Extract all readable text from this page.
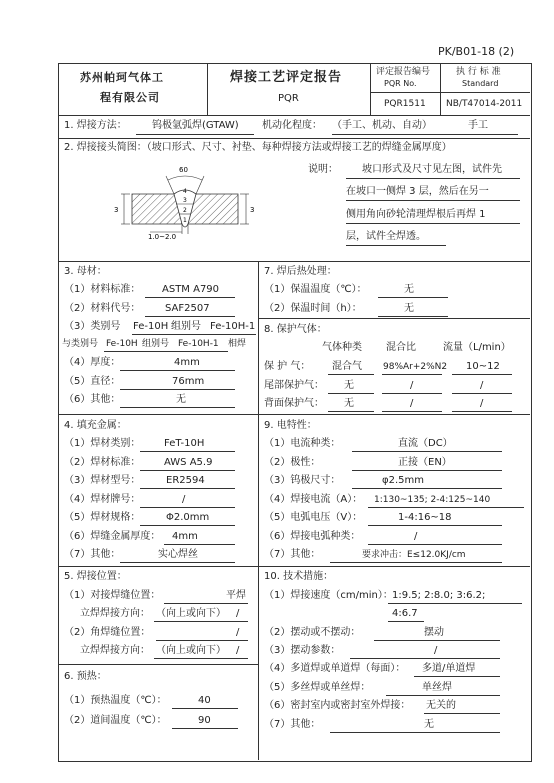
PK/B01-18 (2)
苏州帕珂气体工
程有限公司
焊接工艺评定报告
PQR
评定报告编号
PQR No.
执 行 标 准
Standard
PQR1511 NB/T47014-2011
1. 焊接方法：	钨极氩弧焊(GTAW) 机动化程度： （手工、机动、自动）	手工
2. 焊接接头简图：（坡口形式、尺寸、衬垫、每种焊接方法或焊接工艺的焊缝金属厚度）
说明： 坡口形式及尺寸见左图，试件先
在坡口一侧焊 3 层，然后在另一
侧用角向砂轮清理焊根后再焊 1
层，试件全焊透。
60
4
3
2
1
3	3
1.0~2.0
3. 母材：
（1）材料标准： ASTM A790
（2）材料代号： SAF2507
（3）类别号 Fe-10H 组别号 Fe-10H-1
与类别号 Fe-10H 组别号 Fe-10H-1 相焊
（4）厚度：	4mm
（5）直径：	76mm
（6）其他：	无
7. 焊后热处理：
（1）保温温度（℃）：	无
（2）保温时间（h）：	无
8. 保护气体：
气体种类 混合比	流量（L/min）
保 护 气： 混合气 98%Ar+2%N2 10~12
尾部保护气： 无	/	/
背面保护气： 无	/	/
4. 填充金属：
（1）焊材类别： FeT-10H
（2）焊材标准： AWS A5.9
（3）焊材型号：	ER2594
（4）焊材牌号：	/
（5）焊材规格：	Φ2.0mm
（6）焊缝金属厚度： 4mm
（7）其他：	实心焊丝
9. 电特性：
（1）电流种类：	直流（DC）
（2）极性：	正接（EN）
（3）钨极尺寸：	φ2.5mm
（4）焊接电流（A）： 1:130~135; 2-4:125~140
（5）电弧电压（V）：	1-4:16~18
（6）焊接电弧种类：	/
（7）其他：	要求冲击：E≤12.0KJ/cm
5. 焊接位置：
（1）对接焊缝位置：	平焊
立焊焊接方向： （向上或向下） /
（2）角焊缝位置：	/
立焊焊接方向： （向上或向下） /
6. 预热：
（1）预热温度（℃）：	40
（2）道间温度（℃）：	90
10. 技术措施：
（1）焊接速度（cm/min）： 1:9.5; 2:8.0; 3:6.2;
4:6.7
（2）摆动或不摆动：	摆动
（3）摆动参数：	/
（4）多道焊或单道焊（每面）： 多道/单道焊
（5）多丝焊或单丝焊：	单丝焊
（6）密封室内或密封室外焊接： 无关的
（7）其他：	无
